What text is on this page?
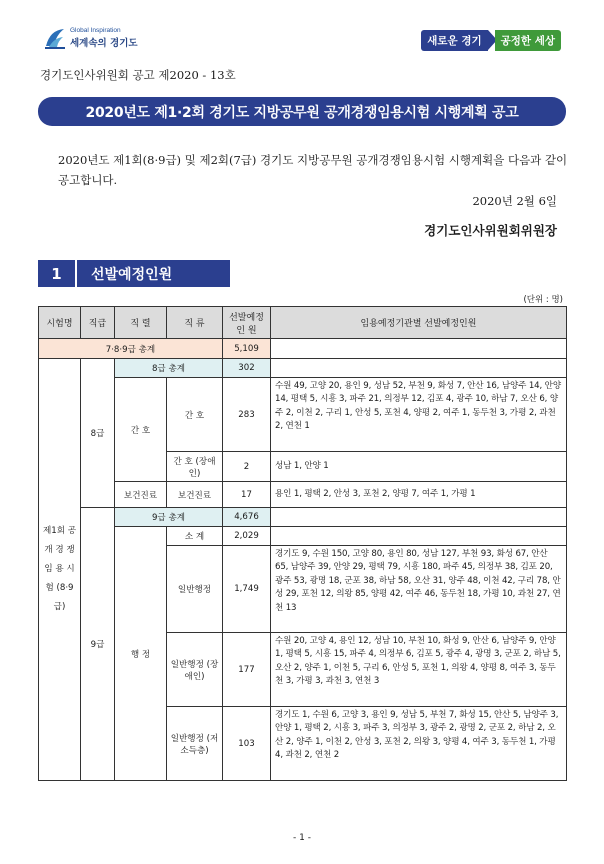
Global Inspiration
세계속의 경기도	새로운 경기	공정한 세상
경기도인사위원회 공고 제2020 - 13호
2020년도 제1·2회 경기도 지방공무원 공개경쟁임용시험 시행계획 공고
2020년도 제1회(8·9급) 및 제2회(7급) 경기도 지방공무원 공개경쟁임용시험 시행계획을 다음과 같이 공고합니다.
2020년 2월 6일
경기도인사위원회위원장
1	선발예정인원
(단위 : 명)
시험명	직급	직 렬	직 류	선발예정 인 원	임용예정기관별 선발예정인원
7·8·9급 총계				5,109	
제1회 공 개 경 쟁 임 용 시 험 (8·9급)	8급	8급 총계		302	
		간 호	간 호	283	수원 49, 고양 20, 용인 9, 성남 52, 부천 9, 화성 7, 안산 16, 남양주 14, 안양 14, 평택 5, 시흥 3, 파주 21, 의정부 12, 김포 4, 광주 10, 하남 7, 오산 6, 양주 2, 이천 2, 구리 1, 안성 5, 포천 4, 양평 2, 여주 1, 동두천 3, 가평 2, 과천 2, 연천 1
			간 호 (장애인)	2	성남 1, 안양 1
		보건진료	보건진료	17	용인 1, 평택 2, 안성 3, 포천 2, 양평 7, 여주 1, 가평 1
	9급	9급 총계		4,676	
		행 정	소 계	2,029	
			일반행정	1,749	경기도 9, 수원 150, 고양 80, 용인 80, 성남 127, 부천 93, 화성 67, 안산 65, 남양주 39, 안양 29, 평택 79, 시흥 180, 파주 45, 의정부 38, 김포 20, 광주 53, 광명 18, 군포 38, 하남 58, 오산 31, 양주 48, 이천 42, 구리 78, 안성 29, 포천 12, 의왕 85, 양평 42, 여주 46, 동두천 18, 가평 10, 과천 27, 연천 13
			일반행정 (장애인)	177	수원 20, 고양 4, 용인 12, 성남 10, 부천 10, 화성 9, 안산 6, 남양주 9, 안양 1, 평택 5, 시흥 15, 파주 4, 의정부 6, 김포 5, 광주 4, 광명 3, 군포 2, 하남 5, 오산 2, 양주 1, 이천 5, 구리 6, 안성 5, 포천 1, 의왕 4, 양평 8, 여주 3, 동두천 3, 가평 3, 과천 3, 연천 3
			일반행정 (저소득층)	103	경기도 1, 수원 6, 고양 3, 용인 9, 성남 5, 부천 7, 화성 15, 안산 5, 남양주 3, 안양 1, 평택 2, 시흥 3, 파주 3, 의정부 3, 광주 2, 광명 2, 군포 2, 하남 2, 오산 2, 양주 1, 이천 2, 안성 3, 포천 2, 의왕 3, 양평 4, 여주 3, 동두천 1, 가평 4, 과천 2, 연천 2
- 1 -
